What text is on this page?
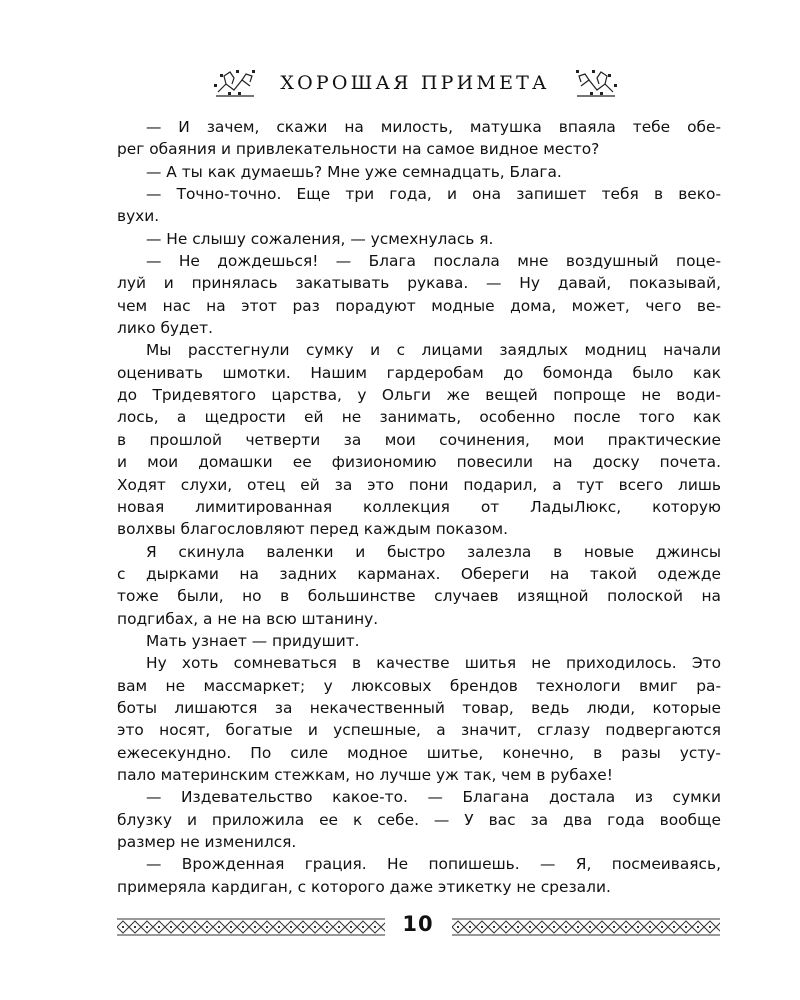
ХОРОШАЯ ПРИМЕТА
— И зачем, скажи на милость, матушка впаяла тебе обе-
рег обаяния и привлекательности на самое видное место?
— А ты как думаешь? Мне уже семнадцать, Блага.
— Точно-точно. Еще три года, и она запишет тебя в веко-
вухи.
— Не слышу сожаления, — усмехнулась я.
— Не дождешься! — Блага послала мне воздушный поце-
луй и принялась закатывать рукава. — Ну давай, показывай,
чем нас на этот раз порадуют модные дома, может, чего ве-
лико будет.
Мы расстегнули сумку и с лицами заядлых модниц начали
оценивать шмотки. Нашим гардеробам до бомонда было как
до Тридевятого царства, у Ольги же вещей попроще не води-
лось, а щедрости ей не занимать, особенно после того как
в прошлой четверти за мои сочинения, мои практические
и мои домашки ее физиономию повесили на доску почета.
Ходят слухи, отец ей за это пони подарил, а тут всего лишь
новая лимитированная коллекция от ЛадыЛюкс, которую
волхвы благословляют перед каждым показом.
Я скинула валенки и быстро залезла в новые джинсы
с дырками на задних карманах. Обереги на такой одежде
тоже были, но в большинстве случаев изящной полоской на
подгибах, а не на всю штанину.
Мать узнает — придушит.
Ну хоть сомневаться в качестве шитья не приходилось. Это
вам не массмаркет; у люксовых брендов технологи вмиг ра-
боты лишаются за некачественный товар, ведь люди, которые
это носят, богатые и успешные, а значит, сглазу подвергаются
ежесекундно. По силе модное шитье, конечно, в разы усту-
пало материнским стежкам, но лучше уж так, чем в рубахе!
— Издевательство какое-то. — Благана достала из сумки
блузку и приложила ее к себе. — У вас за два года вообще
размер не изменился.
— Врожденная грация. Не попишешь. — Я, посмеиваясь,
примеряла кардиган, с которого даже этикетку не срезали.
10
